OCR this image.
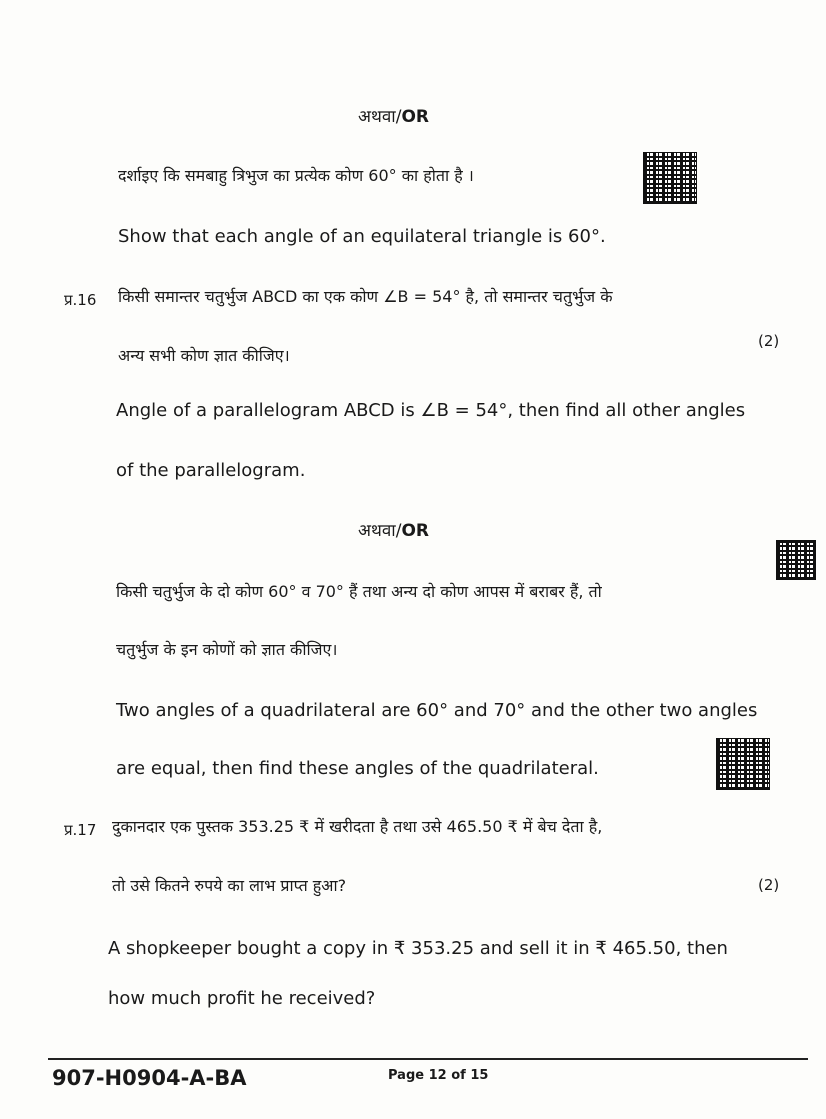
अथवा/OR
दर्शाइए कि समबाहु त्रिभुज का प्रत्येक कोण 60° का होता है ।
Show that each angle of an equilateral triangle is 60°.
प्र.16 किसी समान्तर चतुर्भुज ABCD का एक कोण ∠B = 54° है, तो समान्तर चतुर्भुज के
(2)
अन्य सभी कोण ज्ञात कीजिए।
Angle of a parallelogram ABCD is ∠B = 54°, then find all other angles
of the parallelogram.
अथवा/OR
किसी चतुर्भुज के दो कोण 60° व 70° हैं तथा अन्य दो कोण आपस में बराबर हैं, तो
चतुर्भुज के इन कोणों को ज्ञात कीजिए।
Two angles of a quadrilateral are 60° and 70° and the other two angles
are equal, then find these angles of the quadrilateral.
प्र.17 दुकानदार एक पुस्तक 353.25 ₹ में खरीदता है तथा उसे 465.50 ₹ में बेच देता है,
तो उसे कितने रुपये का लाभ प्राप्त हुआ?	(2)
A shopkeeper bought a copy in ₹ 353.25 and sell it in ₹ 465.50, then
how much profit he received?
907-H0904-A-BA	Page 12 of 15
